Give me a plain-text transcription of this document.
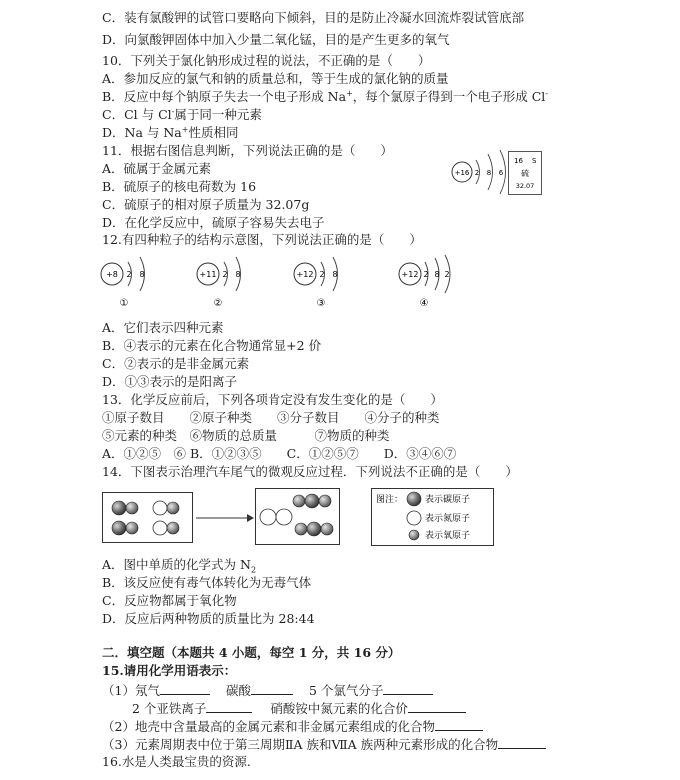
C．装有氯酸钾的试管口要略向下倾斜，目的是防止冷凝水回流炸裂试管底部
D．向氯酸钾固体中加入少量二氧化锰，目的是产生更多的氧气
10．下列关于氯化钠形成过程的说法，不正确的是（　　）
A．参加反应的氯气和钠的质量总和，等于生成的氯化钠的质量
B．反应中每个钠原子失去一个电子形成 Na+，每个氯原子得到一个电子形成 Cl-
C．Cl 与 Cl-属于同一种元素
D．Na 与 Na+性质相同
11．根据右图信息判断，下列说法正确的是（　　）
A．硫属于金属元素
B．硫原子的核电荷数为 16
C．硫原子的相对原子质量为 32.07g
D．在化学反应中，硫原子容易失去电子
+16 2 8 6
16 S
硫
32.07
12.有四种粒子的结构示意图，下列说法正确的是（　　）
+8 2 8
①
+11 2 8
②
+12 2 8
③
+12 2 8 2
④
A．它们表示四种元素
B．④表示的元素在化合物通常显+2 价
C．②表示的是非金属元素
D．①③表示的是阳离子
13．化学反应前后，下列各项肯定没有发生变化的是（　　）
①原子数目　　②原子种类　　③分子数目　　④分子的种类
⑤元素的种类　⑥物质的总质量　　　⑦物质的种类
A．①②⑤　⑥ B．①②③⑤　　C．①②⑤⑦　　D．③④⑥⑦
14．下图表示治理汽车尾气的微观反应过程．下列说法不正确的是（　　）
图注： 表示碳原子
表示氮原子
表示氧原子
A．图中单质的化学式为 $N_2$
B．该反应使有毒气体转化为无毒气体
C．反应物都属于氧化物
D．反应后两种物质的质量比为 28:44
二．填空题（本题共 4 小题，每空 1 分，共 16 分）
15.请用化学用语表示：
（1）氖气	碳酸	5 个氯气分子
2 个亚铁离子	硝酸铵中氮元素的化合价
（2）地壳中含量最高的金属元素和非金属元素组成的化合物
（3）元素周期表中位于第三周期ⅡA 族和ⅦA 族两种元素形成的化合物
16.水是人类最宝贵的资源.
